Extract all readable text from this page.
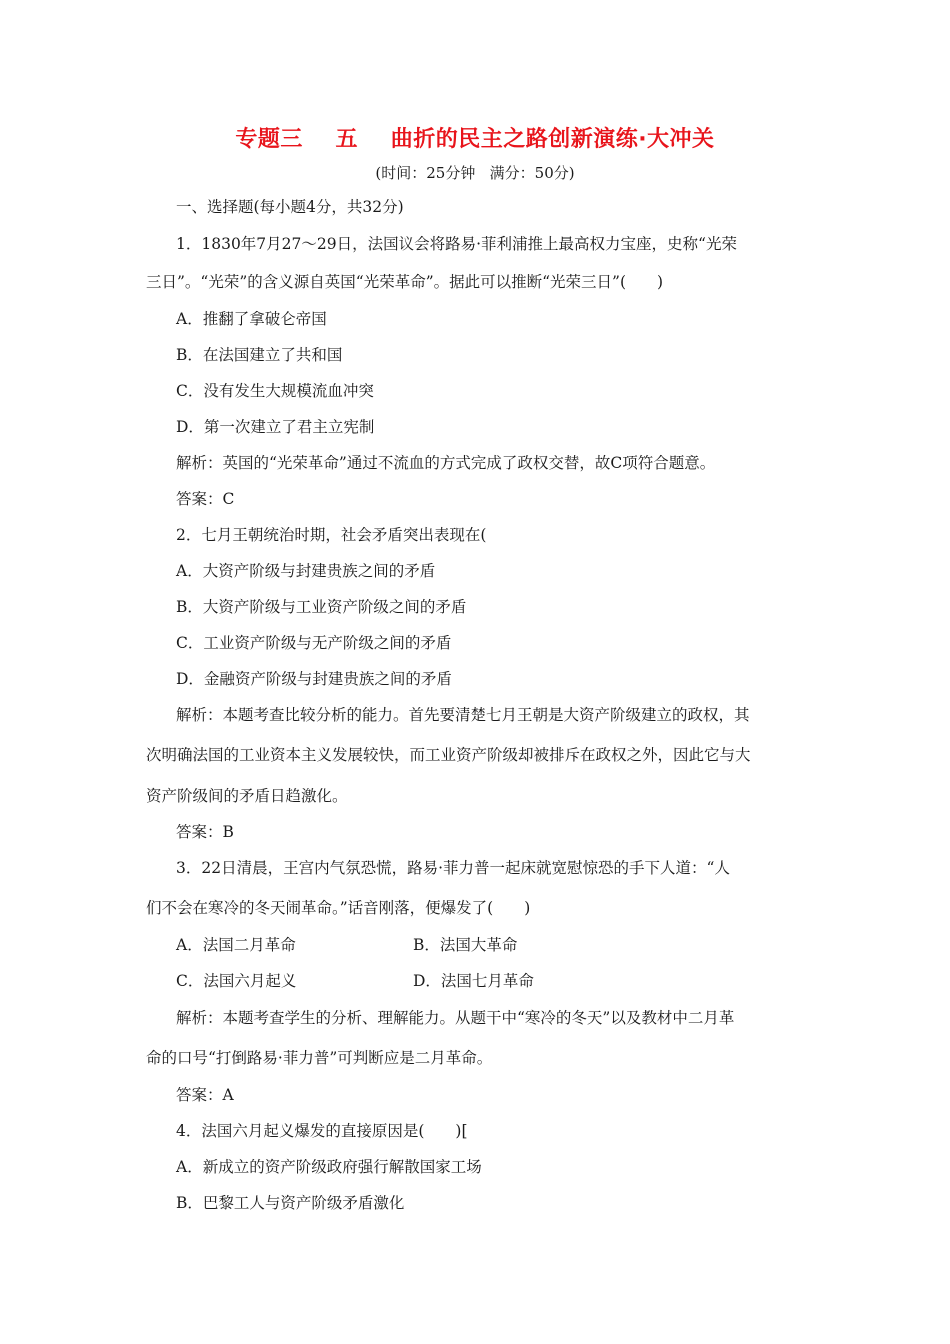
专题三    五    曲折的民主之路创新演练·大冲关
(时间：25分钟   满分：50分)
一、选择题(每小题4分，共32分)
1．1830年7月27～29日，法国议会将路易·菲利浦推上最高权力宝座，史称“光荣
三日”。“光荣”的含义源自英国“光荣革命”。据此可以推断“光荣三日”(　　)
A．推翻了拿破仑帝国
B．在法国建立了共和国
C．没有发生大规模流血冲突
D．第一次建立了君主立宪制
解析：英国的“光荣革命”通过不流血的方式完成了政权交替，故C项符合题意。
答案：C
2．七月王朝统治时期，社会矛盾突出表现在(
A．大资产阶级与封建贵族之间的矛盾
B．大资产阶级与工业资产阶级之间的矛盾
C．工业资产阶级与无产阶级之间的矛盾
D．金融资产阶级与封建贵族之间的矛盾
解析：本题考查比较分析的能力。首先要清楚七月王朝是大资产阶级建立的政权，其
次明确法国的工业资本主义发展较快，而工业资产阶级却被排斥在政权之外，因此它与大
资产阶级间的矛盾日趋激化。
答案：B
3．22日清晨，王宫内气氛恐慌，路易·菲力普一起床就宽慰惊恐的手下人道：“人
们不会在寒冷的冬天闹革命。”话音刚落，便爆发了(　　)
A．法国二月革命	B．法国大革命
C．法国六月起义	D．法国七月革命
解析：本题考查学生的分析、理解能力。从题干中“寒冷的冬天”以及教材中二月革
命的口号“打倒路易·菲力普”可判断应是二月革命。
答案：A
4．法国六月起义爆发的直接原因是(　　)[
A．新成立的资产阶级政府强行解散国家工场
B．巴黎工人与资产阶级矛盾激化
